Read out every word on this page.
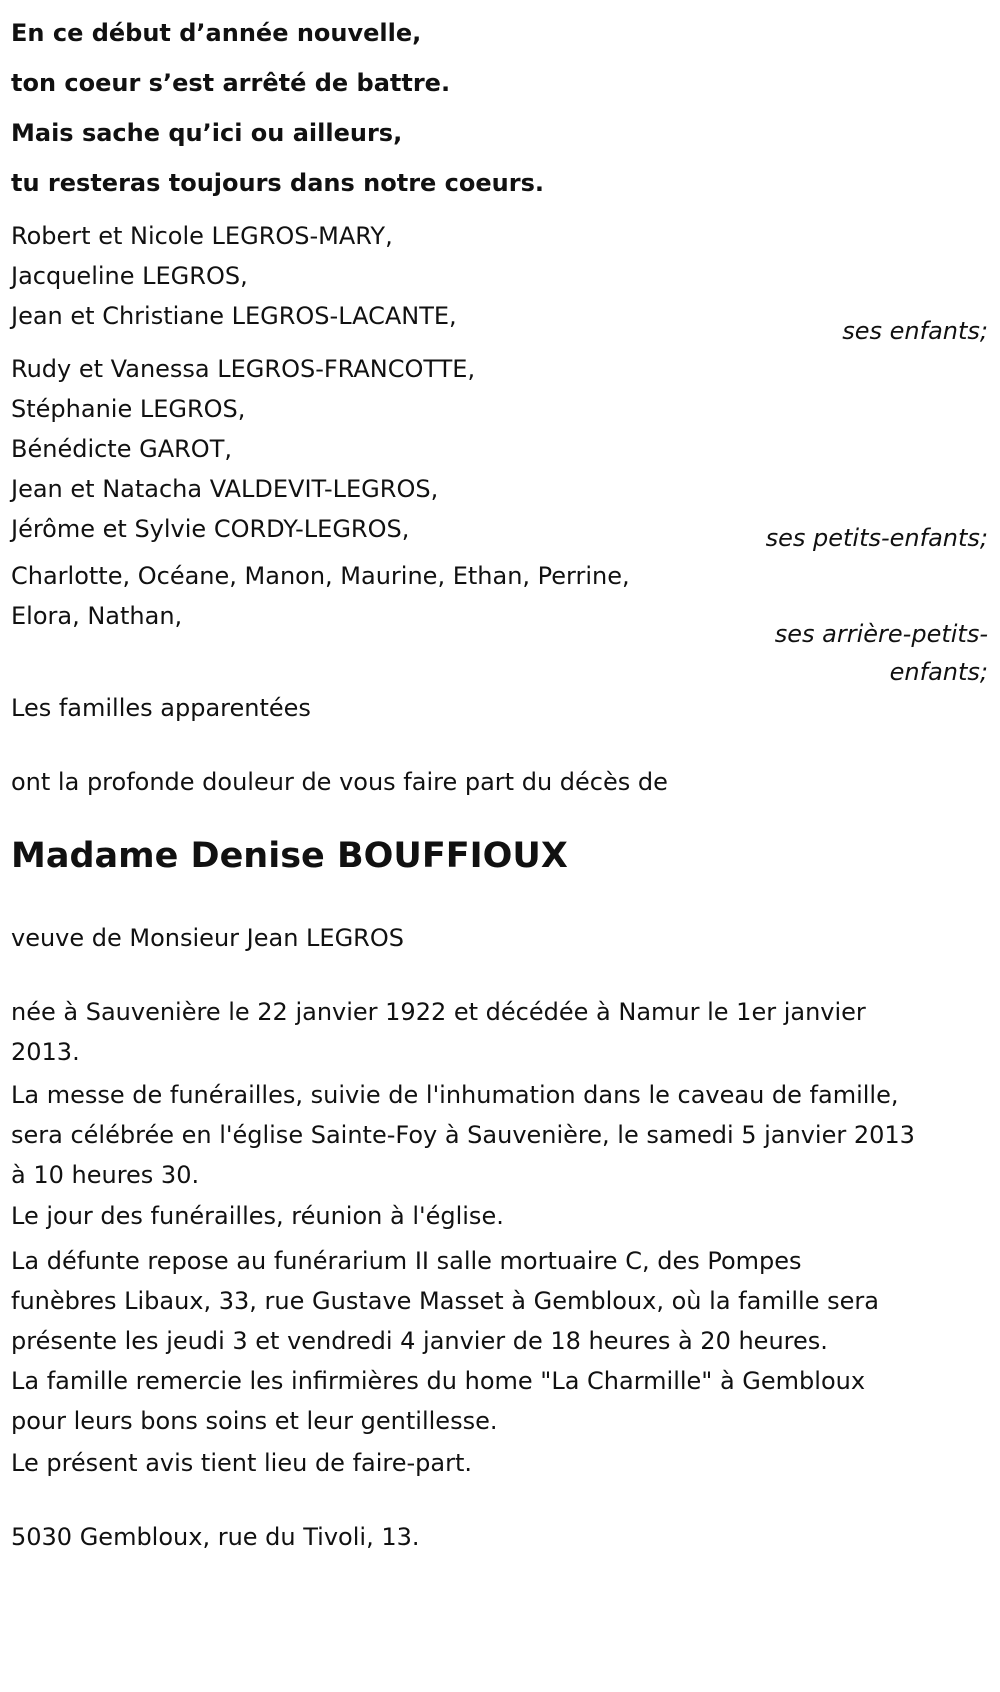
En ce début d’année nouvelle,
ton coeur s’est arrêté de battre.
Mais sache qu’ici ou ailleurs,
tu resteras toujours dans notre coeurs.
Robert et Nicole LEGROS-MARY,
Jacqueline LEGROS,
Jean et Christiane LEGROS-LACANTE,
ses enfants;
Rudy et Vanessa LEGROS-FRANCOTTE,
Stéphanie LEGROS,
Bénédicte GAROT,
Jean et Natacha VALDEVIT-LEGROS,
Jérôme et Sylvie CORDY-LEGROS,	ses petits-enfants;
Charlotte, Océane, Manon, Maurine, Ethan, Perrine,
Elora, Nathan,
ses arrière-petits-
enfants;
Les familles apparentées
ont la profonde douleur de vous faire part du décès de
Madame Denise BOUFFIOUX
veuve de Monsieur Jean LEGROS
née à Sauvenière le 22 janvier 1922 et décédée à Namur le 1er janvier
2013.
La messe de funérailles, suivie de l'inhumation dans le caveau de famille,
sera célébrée en l'église Sainte-Foy à Sauvenière, le samedi 5 janvier 2013
à 10 heures 30.
Le jour des funérailles, réunion à l'église.
La défunte repose au funérarium II salle mortuaire C, des Pompes
funèbres Libaux, 33, rue Gustave Masset à Gembloux, où la famille sera
présente les jeudi 3 et vendredi 4 janvier de 18 heures à 20 heures.
La famille remercie les infirmières du home "La Charmille" à Gembloux
pour leurs bons soins et leur gentillesse.
Le présent avis tient lieu de faire-part.
5030 Gembloux, rue du Tivoli, 13.
